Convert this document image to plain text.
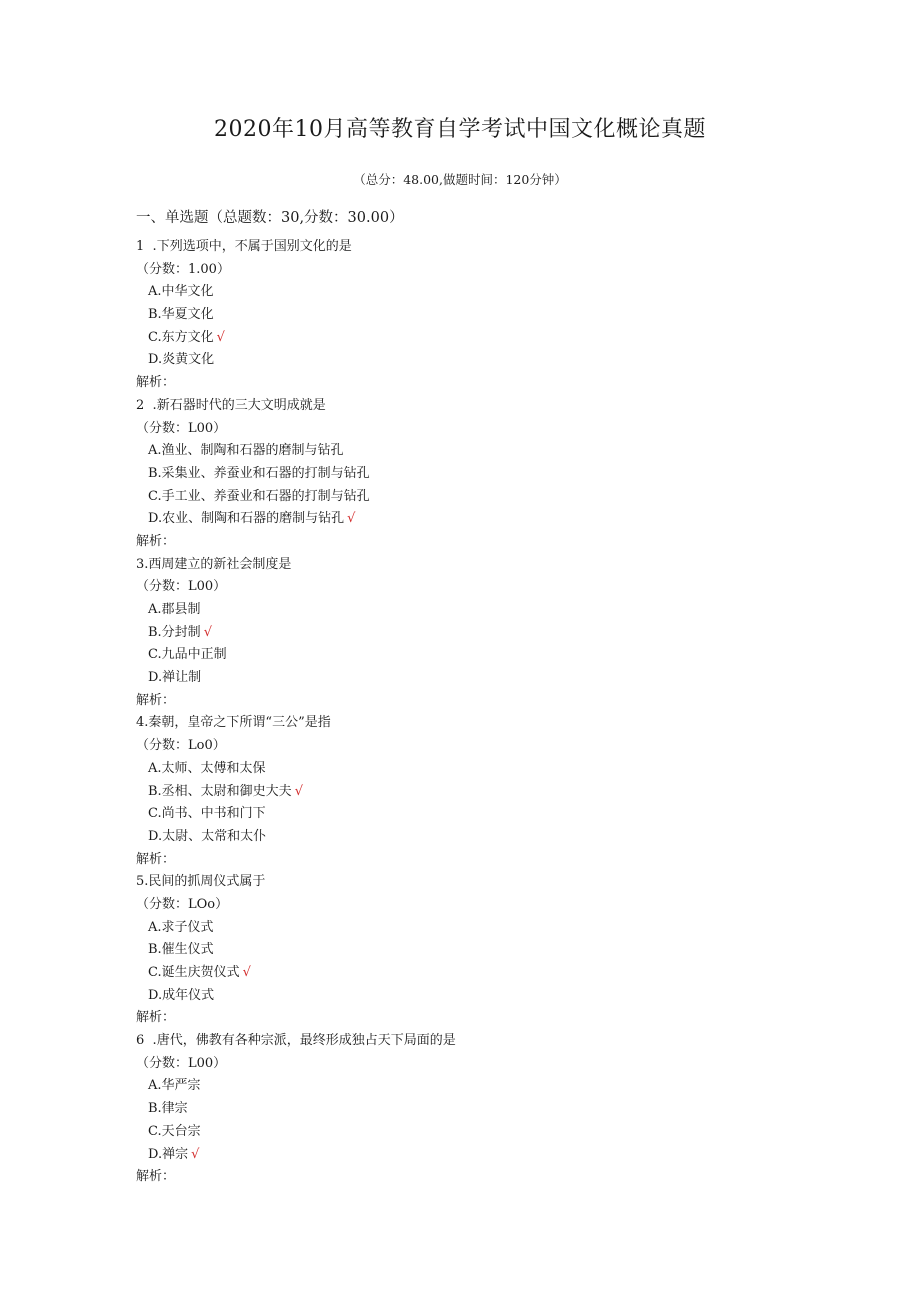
2020年10月高等教育自学考试中国文化概论真题
（总分：48.00,做题时间：120分钟）
一、单选题（总题数：30,分数：30.00）
1  .下列选项中，不属于国别文化的是
（分数：1.00）
A.中华文化
B.华夏文化
C.东方文化 √
D.炎黄文化
解析：
2  .新石器时代的三大文明成就是
（分数：L00）
A.渔业、制陶和石器的磨制与钻孔
B.采集业、养蚕业和石器的打制与钻孔
C.手工业、养蚕业和石器的打制与钻孔
D.农业、制陶和石器的磨制与钻孔 √
解析：
3.西周建立的新社会制度是
（分数：L00）
A.郡县制
B.分封制 √
C.九品中正制
D.禅让制
解析：
4.秦朝，皇帝之下所谓“三公”是指
（分数：Lo0）
A.太师、太傅和太保
B.丞相、太尉和御史大夫 √
C.尚书、中书和门下
D.太尉、太常和太仆
解析：
5.民间的抓周仪式属于
（分数：LOo）
A.求子仪式
B.催生仪式
C.诞生庆贺仪式 √
D.成年仪式
解析：
6  .唐代，佛教有各种宗派，最终形成独占天下局面的是
（分数：L00）
A.华严宗
B.律宗
C.天台宗
D.禅宗 √
解析：
